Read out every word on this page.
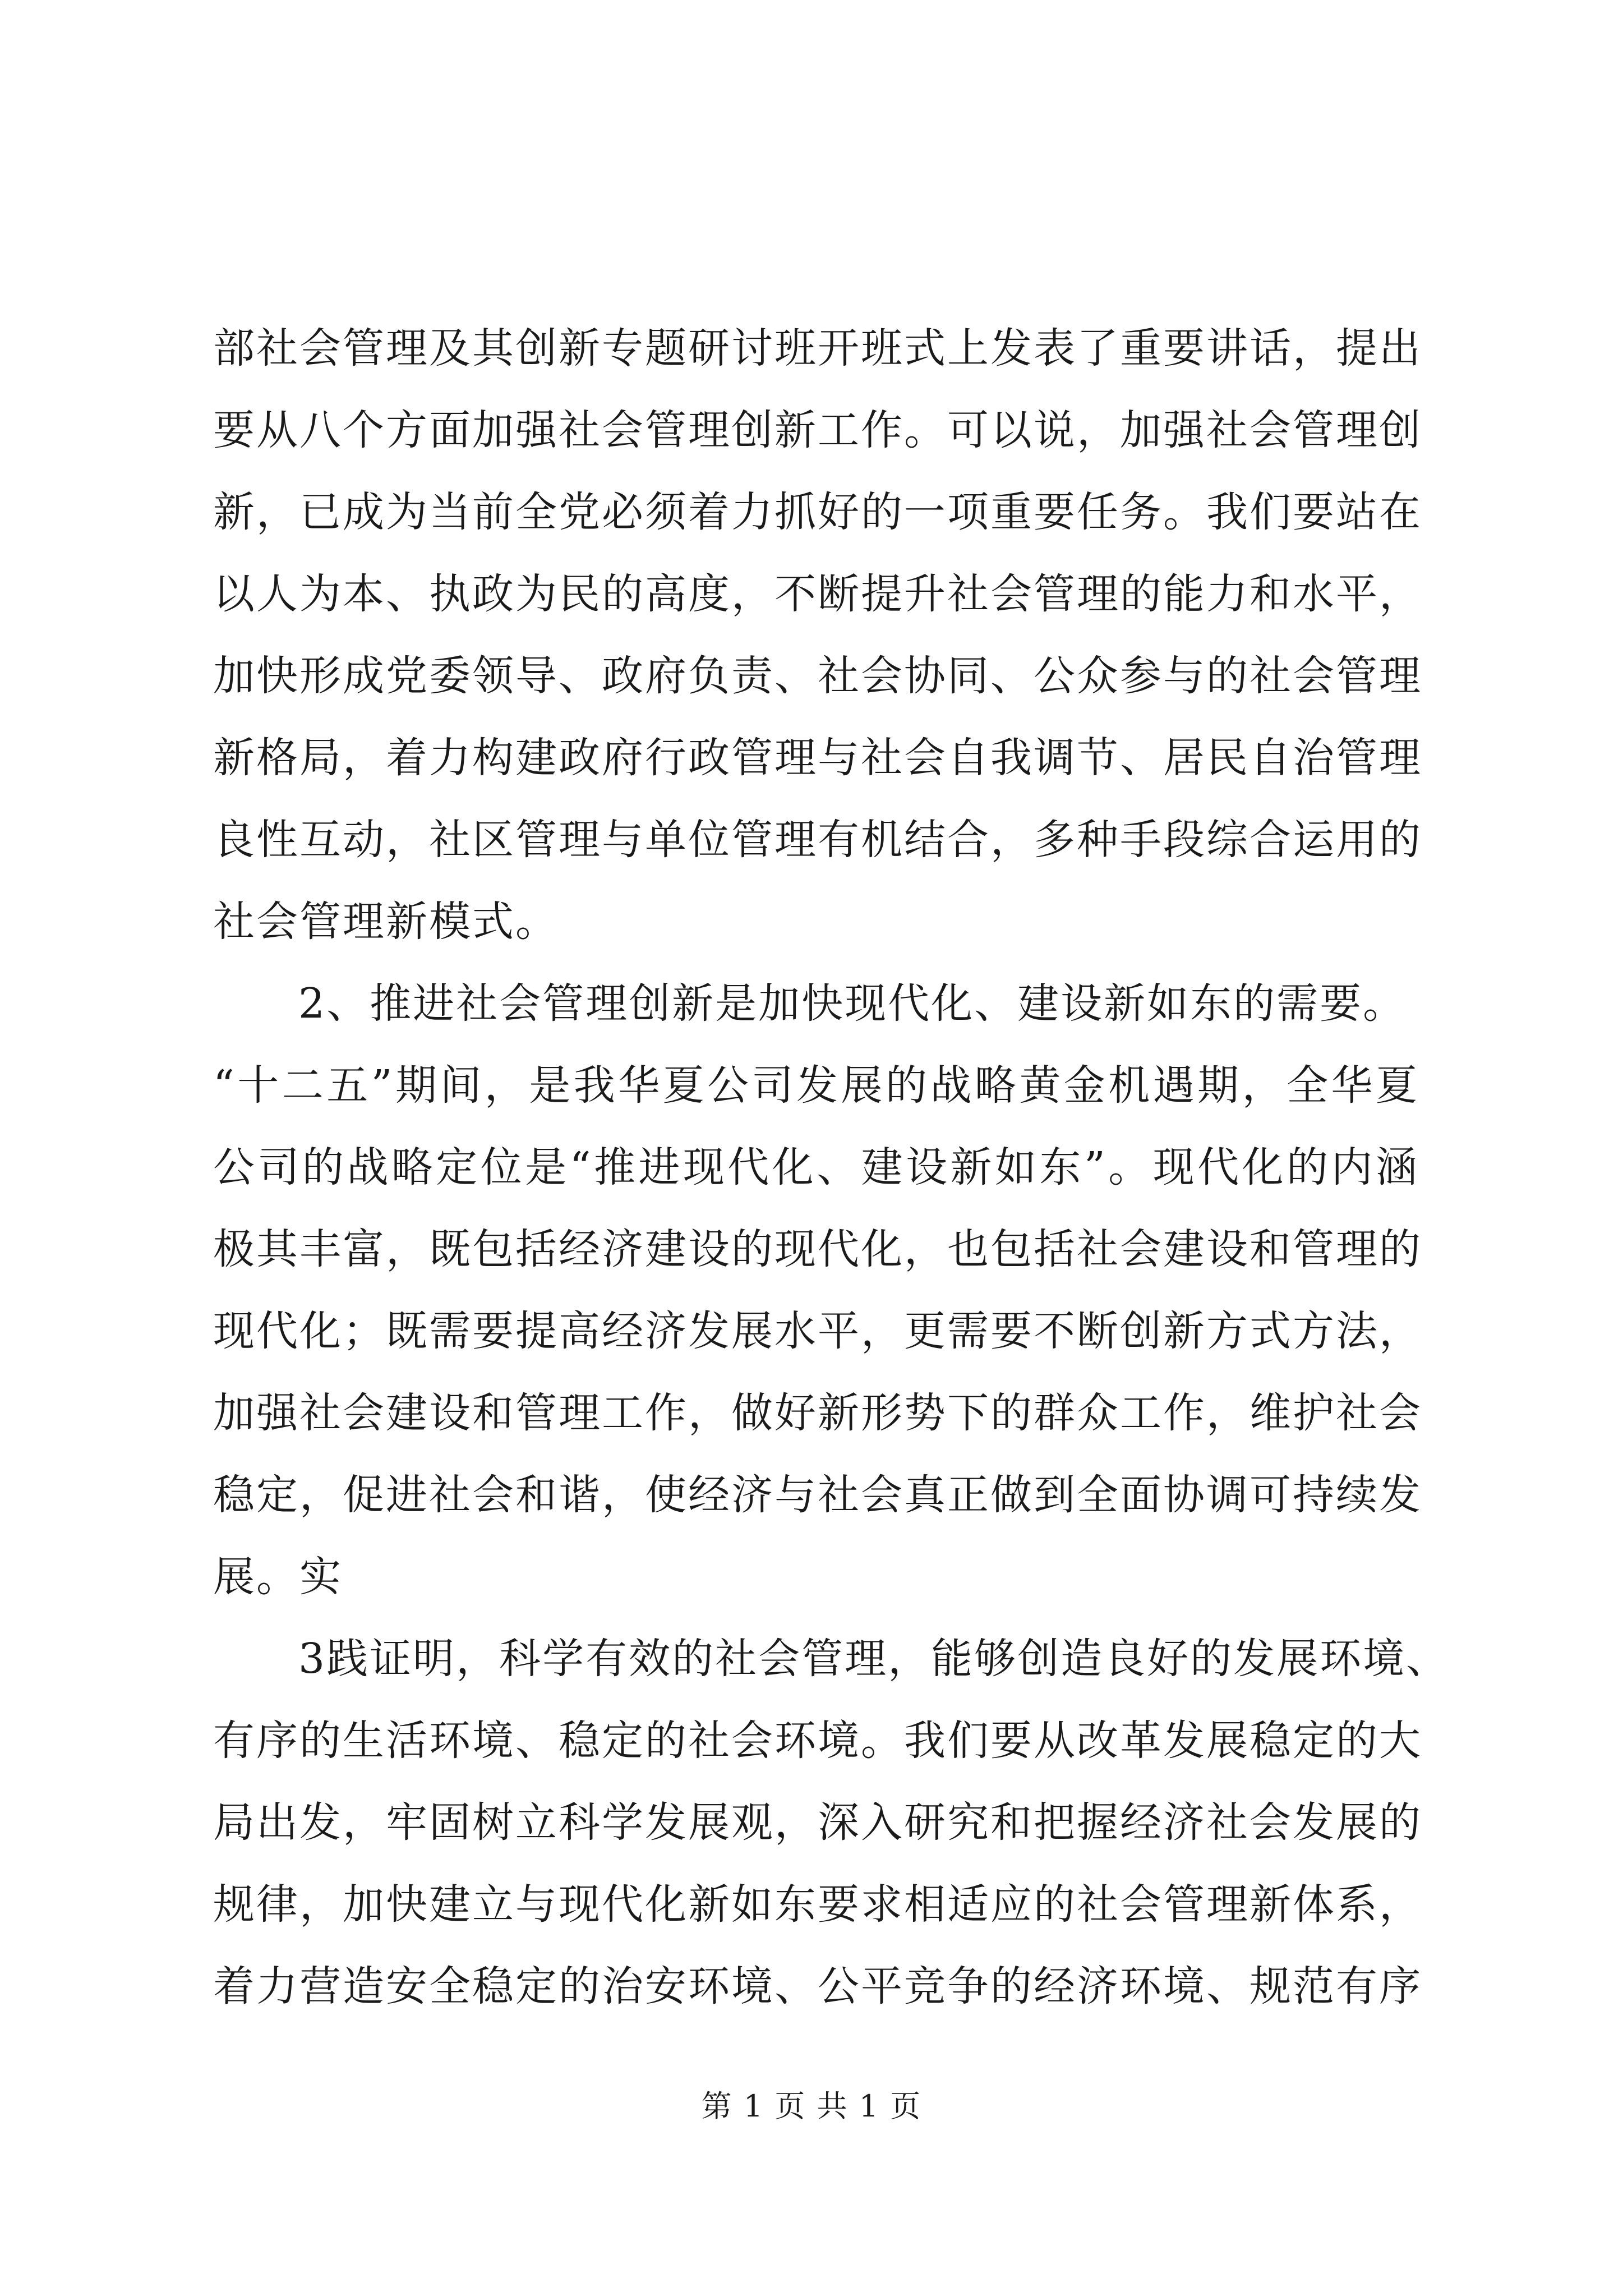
部社会管理及其创新专题研讨班开班式上发表了重要讲话，提出
要从八个方面加强社会管理创新工作。可以说，加强社会管理创
新，已成为当前全党必须着力抓好的一项重要任务。我们要站在
以人为本、执政为民的高度，不断提升社会管理的能力和水平，
加快形成党委领导、政府负责、社会协同、公众参与的社会管理
新格局，着力构建政府行政管理与社会自我调节、居民自治管理
良性互动，社区管理与单位管理有机结合，多种手段综合运用的
社会管理新模式。
2、推进社会管理创新是加快现代化、建设新如东的需要。
“十二五”期间，是我华夏公司发展的战略黄金机遇期，全华夏
公司的战略定位是“推进现代化、建设新如东”。现代化的内涵
极其丰富，既包括经济建设的现代化，也包括社会建设和管理的
现代化；既需要提高经济发展水平，更需要不断创新方式方法，
加强社会建设和管理工作，做好新形势下的群众工作，维护社会
稳定，促进社会和谐，使经济与社会真正做到全面协调可持续发
展。实
3践证明，科学有效的社会管理，能够创造良好的发展环境、
有序的生活环境、稳定的社会环境。我们要从改革发展稳定的大
局出发，牢固树立科学发展观，深入研究和把握经济社会发展的
规律，加快建立与现代化新如东要求相适应的社会管理新体系，
着力营造安全稳定的治安环境、公平竞争的经济环境、规范有序
第 1 页 共 1 页
